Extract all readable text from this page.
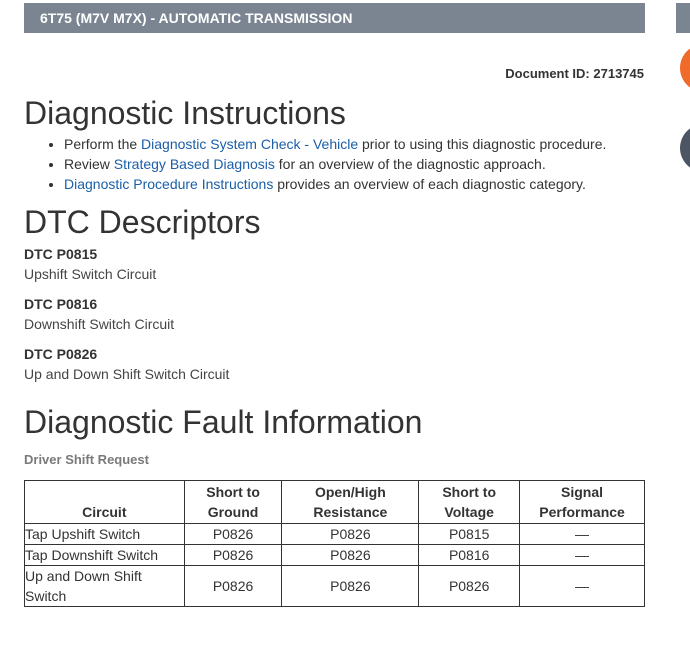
6T75 (M7V M7X) - AUTOMATIC TRANSMISSION
Document ID: 2713745
Diagnostic Instructions
• Perform the Diagnostic System Check - Vehicle prior to using this diagnostic procedure.
• Review Strategy Based Diagnosis for an overview of the diagnostic approach.
• Diagnostic Procedure Instructions provides an overview of each diagnostic category.
DTC Descriptors
DTC P0815
Upshift Switch Circuit
DTC P0816
Downshift Switch Circuit
DTC P0826
Up and Down Shift Switch Circuit
Diagnostic Fault Information
Driver Shift Request
Circuit	Short to Ground	Open/High Resistance	Short to Voltage	Signal Performance
Tap Upshift Switch	P0826	P0826	P0815	—
Tap Downshift Switch	P0826	P0826	P0816	—
Up and Down Shift Switch	P0826	P0826	P0826	—
